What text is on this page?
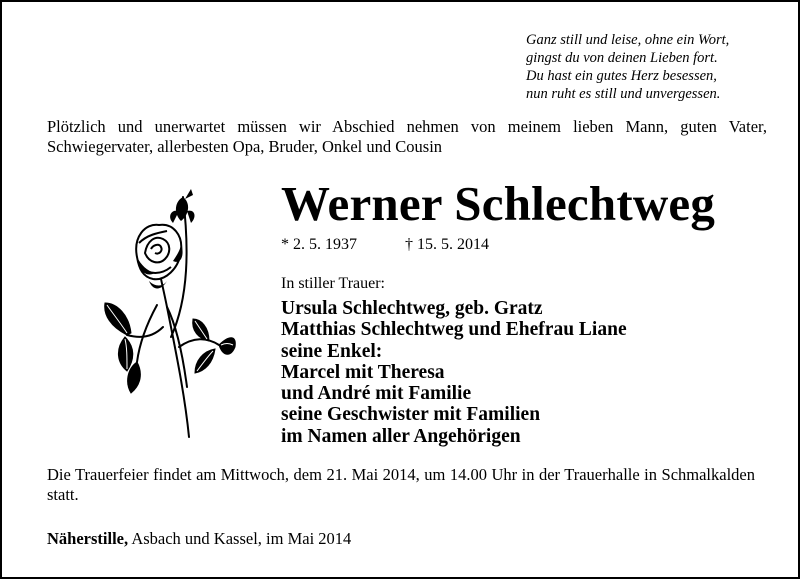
Ganz still und leise, ohne ein Wort,
gingst du von deinen Lieben fort.
Du hast ein gutes Herz besessen,
nun ruht es still und unvergessen.
Plötzlich und unerwartet müssen wir Abschied nehmen von meinem lieben Mann, guten Vater, Schwiegervater, allerbesten Opa, Bruder, Onkel und Cousin
Werner Schlechtweg
* 2. 5. 1937	† 15. 5. 2014
In stiller Trauer:
Ursula Schlechtweg, geb. Gratz
Matthias Schlechtweg und Ehefrau Liane
seine Enkel:
Marcel mit Theresa
und André mit Familie
seine Geschwister mit Familien
im Namen aller Angehörigen
Die Trauerfeier findet am Mittwoch, dem 21. Mai 2014, um 14.00 Uhr in der Trauerhalle in Schmalkalden statt.
Näherstille, Asbach und Kassel, im Mai 2014
